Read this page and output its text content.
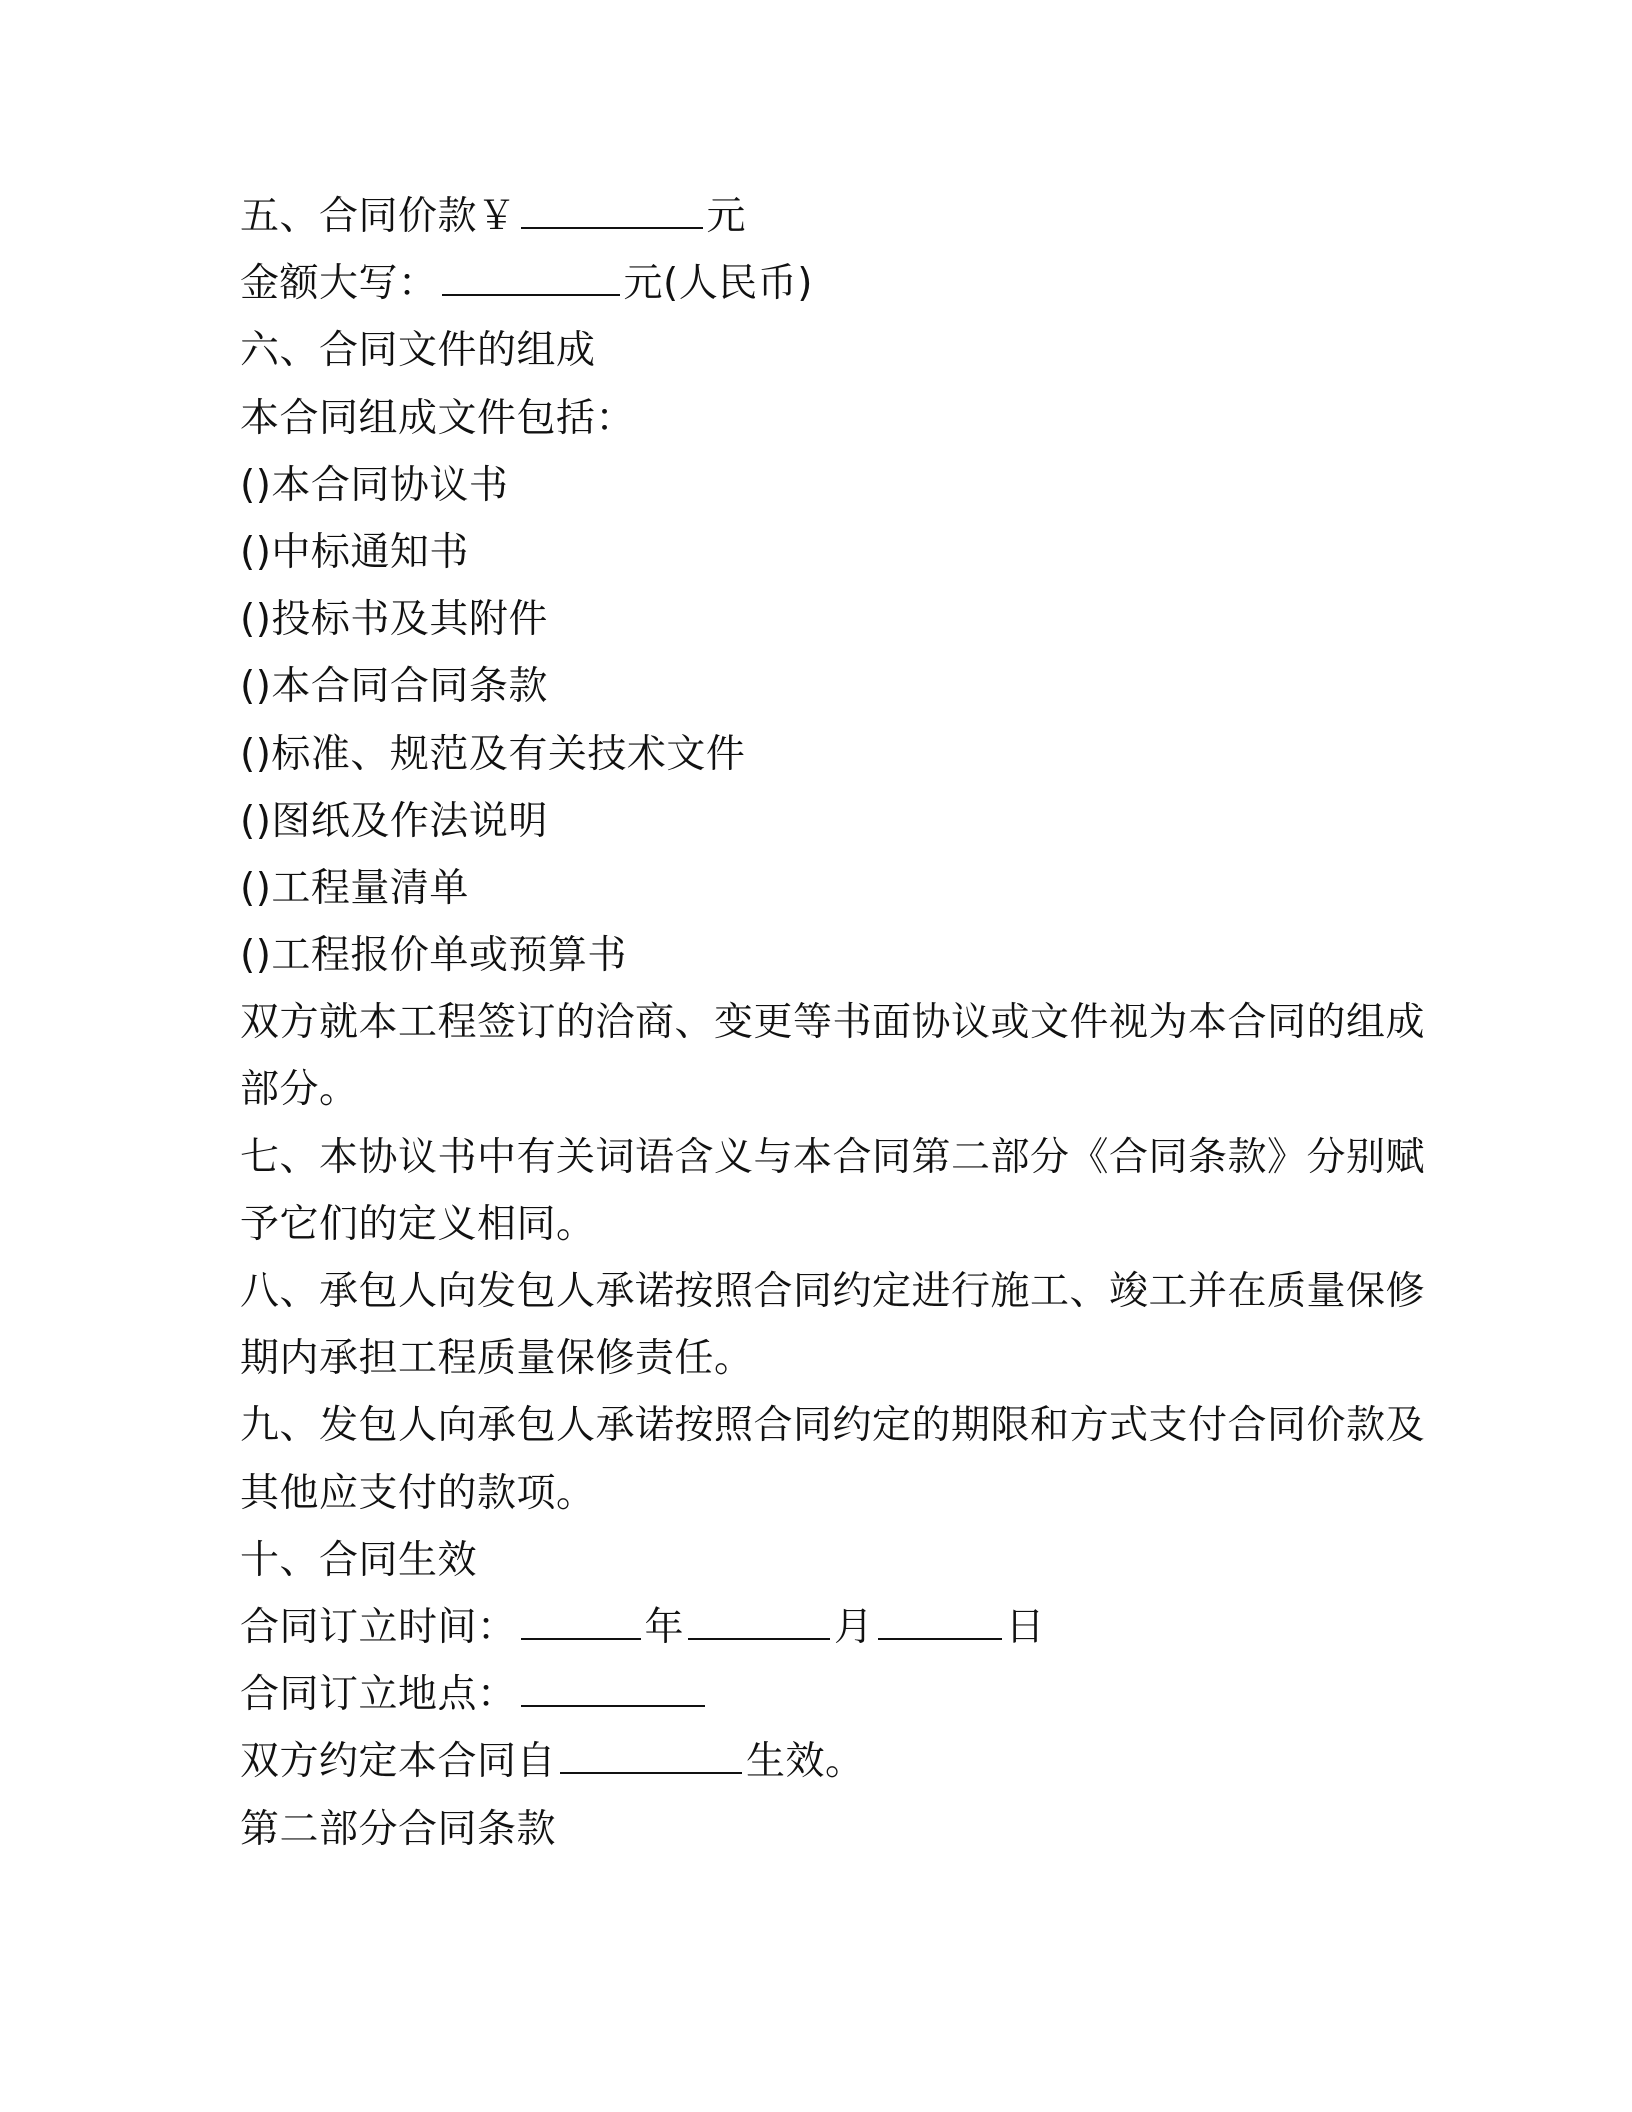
五、合同价款￥	元
金额大写：	元(人民币)
六、合同文件的组成
本合同组成文件包括：
()本合同协议书
()中标通知书
()投标书及其附件
()本合同合同条款
()标准、规范及有关技术文件
()图纸及作法说明
()工程量清单
()工程报价单或预算书
双方就本工程签订的洽商、变更等书面协议或文件视为本合同的组成
部分。
七、本协议书中有关词语含义与本合同第二部分《合同条款》分别赋
予它们的定义相同。
八、承包人向发包人承诺按照合同约定进行施工、竣工并在质量保修
期内承担工程质量保修责任。
九、发包人向承包人承诺按照合同约定的期限和方式支付合同价款及
其他应支付的款项。
十、合同生效
合同订立时间：	年	月	日
合同订立地点：
双方约定本合同自	生效。
第二部分合同条款
